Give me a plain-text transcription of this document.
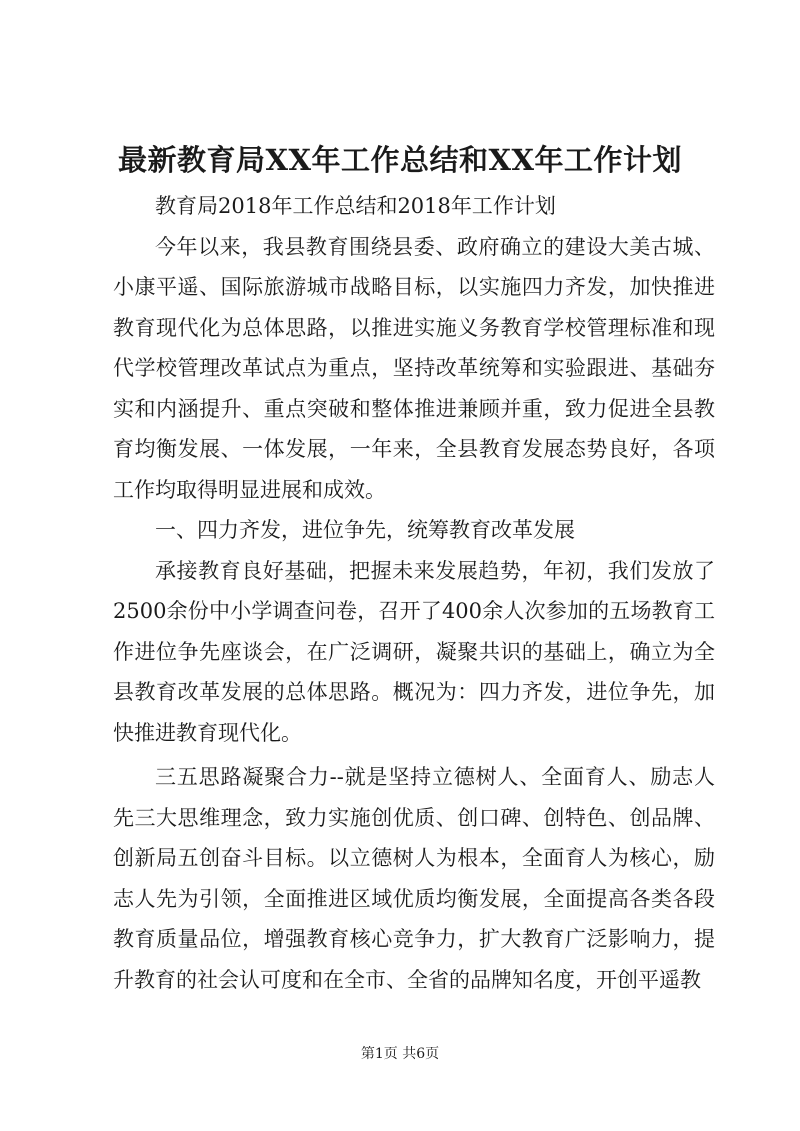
最新教育局XX年工作总结和XX年工作计划

教育局2018年工作总结和2018年工作计划

今年以来，我县教育围绕县委、政府确立的建设大美古城、小康平遥、国际旅游城市战略目标，以实施四力齐发，加快推进教育现代化为总体思路，以推进实施义务教育学校管理标准和现代学校管理改革试点为重点，坚持改革统筹和实验跟进、基础夯实和内涵提升、重点突破和整体推进兼顾并重，致力促进全县教育均衡发展、一体发展，一年来，全县教育发展态势良好，各项工作均取得明显进展和成效。

一、四力齐发，进位争先，统筹教育改革发展

承接教育良好基础，把握未来发展趋势，年初，我们发放了2500余份中小学调查问卷，召开了400余人次参加的五场教育工作进位争先座谈会，在广泛调研，凝聚共识的基础上，确立为全县教育改革发展的总体思路。概况为：四力齐发，进位争先，加快推进教育现代化。

三五思路凝聚合力--就是坚持立德树人、全面育人、励志人先三大思维理念，致力实施创优质、创口碑、创特色、创品牌、创新局五创奋斗目标。以立德树人为根本，全面育人为核心，励志人先为引领，全面推进区域优质均衡发展，全面提高各类各段教育质量品位，增强教育核心竞争力，扩大教育广泛影响力，提升教育的社会认可度和在全市、全省的品牌知名度，开创平遥教

第1页 共6页
